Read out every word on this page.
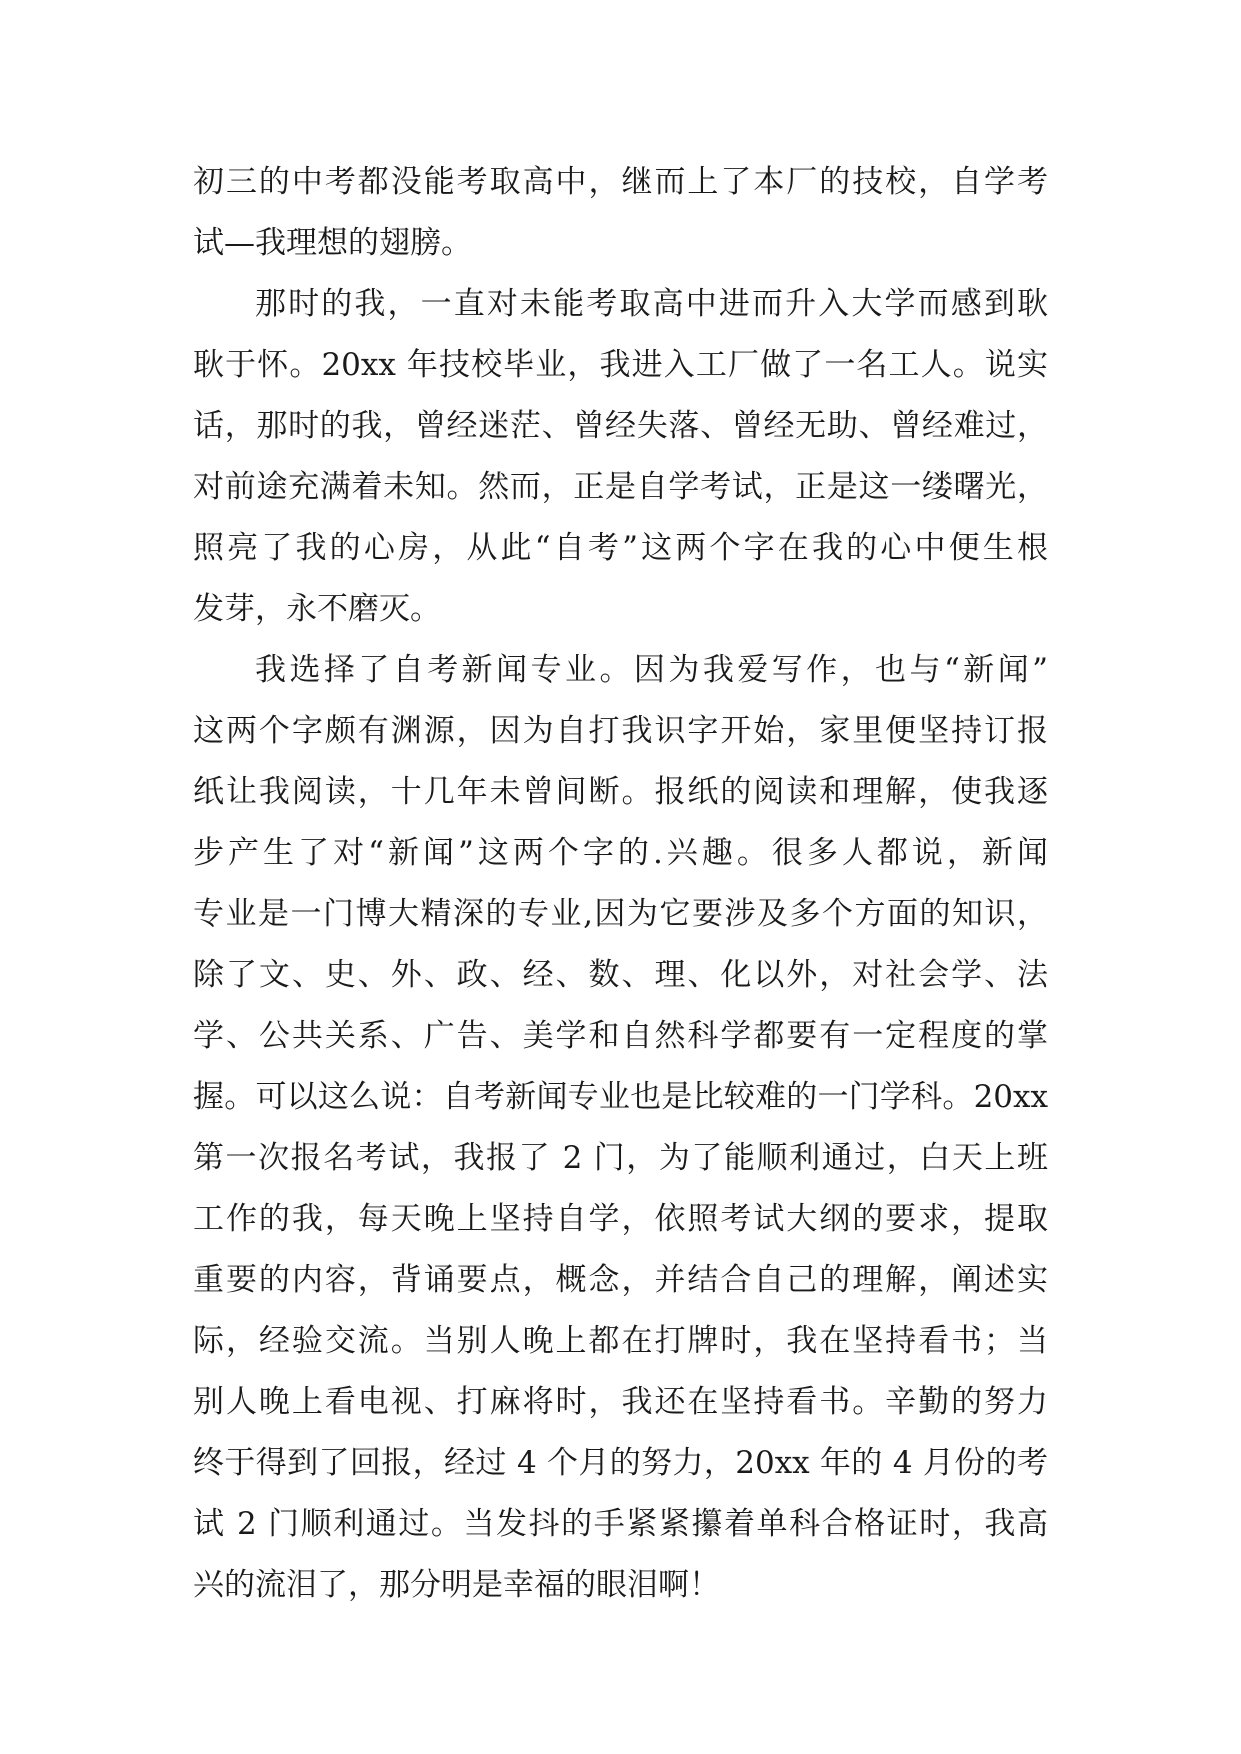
初三的中考都没能考取高中，继而上了本厂的技校，自学考
试—我理想的翅膀。
那时的我，一直对未能考取高中进而升入大学而感到耿
耿于怀。20xx 年技校毕业，我进入工厂做了一名工人。说实
话，那时的我，曾经迷茫、曾经失落、曾经无助、曾经难过，
对前途充满着未知。然而，正是自学考试，正是这一缕曙光，
照亮了我的心房，从此“自考”这两个字在我的心中便生根
发芽，永不磨灭。
我选择了自考新闻专业。因为我爱写作，也与“新闻”
这两个字颇有渊源，因为自打我识字开始，家里便坚持订报
纸让我阅读，十几年未曾间断。报纸的阅读和理解，使我逐
步产生了对“新闻”这两个字的.兴趣。很多人都说，新闻
专业是一门博大精深的专业,因为它要涉及多个方面的知识，
除了文、史、外、政、经、数、理、化以外，对社会学、法
学、公共关系、广告、美学和自然科学都要有一定程度的掌
握。可以这么说：自考新闻专业也是比较难的一门学科。20xx
第一次报名考试，我报了 2 门，为了能顺利通过，白天上班
工作的我，每天晚上坚持自学，依照考试大纲的要求，提取
重要的内容，背诵要点，概念，并结合自己的理解，阐述实
际，经验交流。当别人晚上都在打牌时，我在坚持看书；当
别人晚上看电视、打麻将时，我还在坚持看书。辛勤的努力
终于得到了回报，经过 4 个月的努力，20xx 年的 4 月份的考
试 2 门顺利通过。当发抖的手紧紧攥着单科合格证时，我高
兴的流泪了，那分明是幸福的眼泪啊！
